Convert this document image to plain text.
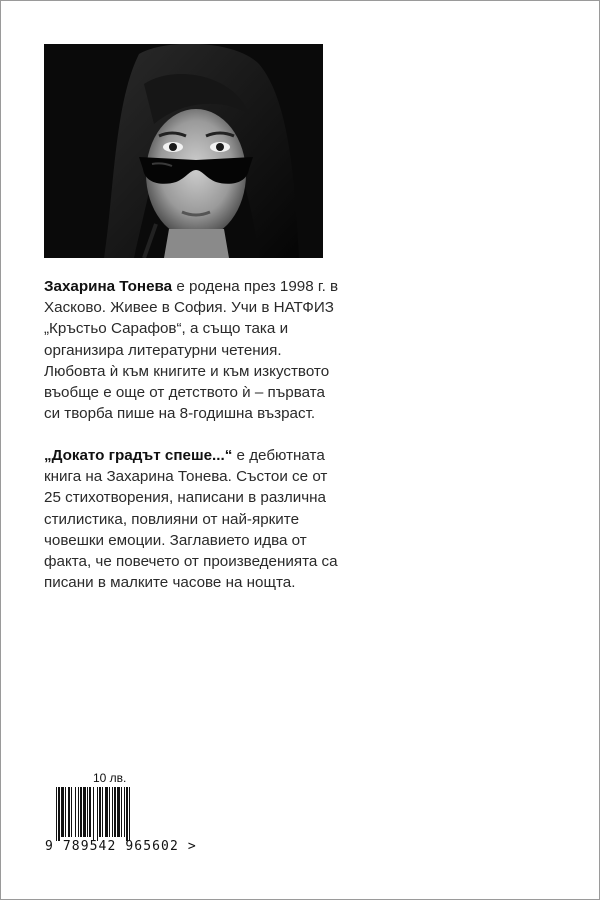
Захарина Тонева е родена през 1998 г. в Хасково. Живее в София. Учи в НАТФИЗ „Кръстьо Сарафов“, а също така и организира литературни четения. Любовта ѝ към книгите и към изкуството въобще е още от детството ѝ – първата си творба пише на 8-годишна възраст.

„Докато градът спеше...“ е дебютната книга на Захарина Тонева. Състои се от 25 стихотворения, написани в различна стилистика, повлияни от най-ярките човешки емоции. Заглавието идва от факта, че повечето от произведенията са писани в малките часове на нощта.

10 лв.
9 789542 965602 >
